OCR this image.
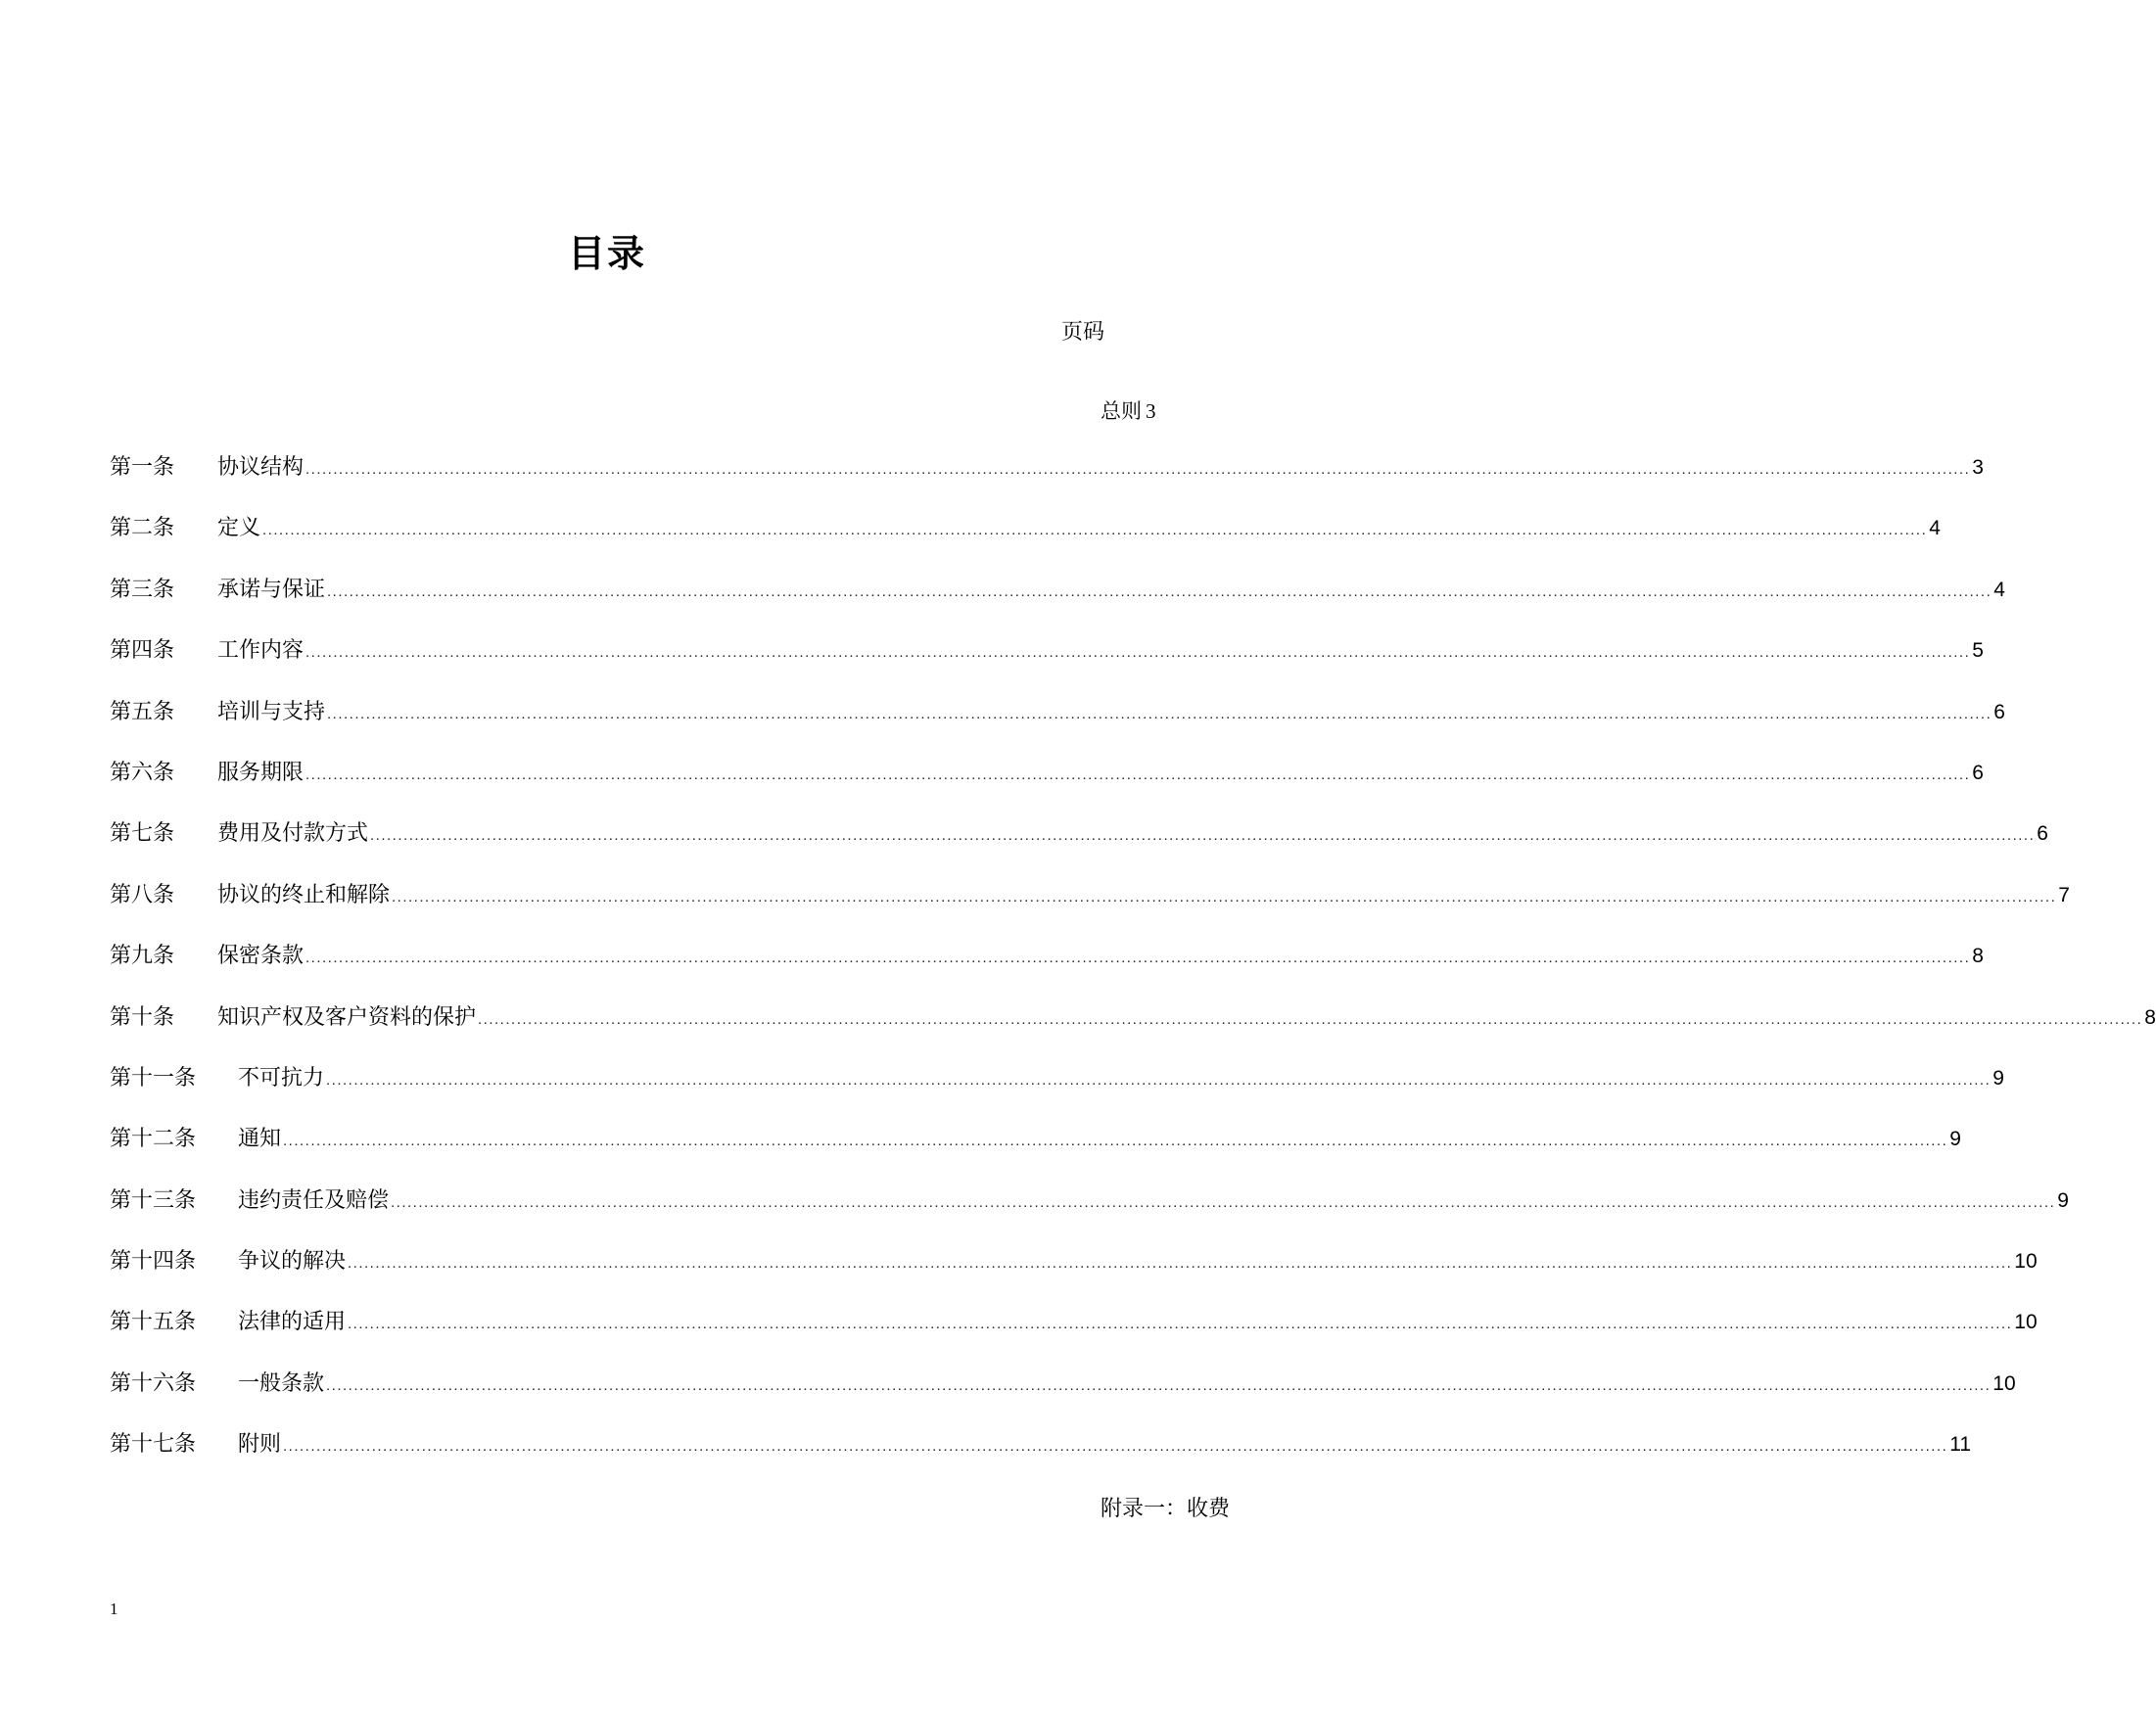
目录
页码
总则 3
第一条	协议结构 ............................................................................................................................................................................................................................................................................................................ 3
第二条	定义 ............................................................................................................................................................................................................................................................................................................ 4
第三条	承诺与保证 ............................................................................................................................................................................................................................................................................................................ 4
第四条	工作内容 ............................................................................................................................................................................................................................................................................................................ 5
第五条	培训与支持 ............................................................................................................................................................................................................................................................................................................ 6
第六条	服务期限 ............................................................................................................................................................................................................................................................................................................ 6
第七条	费用及付款方式 ............................................................................................................................................................................................................................................................................................................ 6
第八条	协议的终止和解除 ............................................................................................................................................................................................................................................................................................................ 7
第九条	保密条款 ............................................................................................................................................................................................................................................................................................................ 8
第十条	知识产权及客户资料的保护 ............................................................................................................................................................................................................................................................................................................ 8
第十一条	不可抗力 ............................................................................................................................................................................................................................................................................................................ 9
第十二条	通知 ............................................................................................................................................................................................................................................................................................................ 9
第十三条	违约责任及赔偿 ............................................................................................................................................................................................................................................................................................................ 9
第十四条	争议的解决 ............................................................................................................................................................................................................................................................................................................ 10
第十五条	法律的适用 ............................................................................................................................................................................................................................................................................................................ 10
第十六条	一般条款 ............................................................................................................................................................................................................................................................................................................ 10
第十七条	附则 ............................................................................................................................................................................................................................................................................................................ 11
附录一：收费
1
